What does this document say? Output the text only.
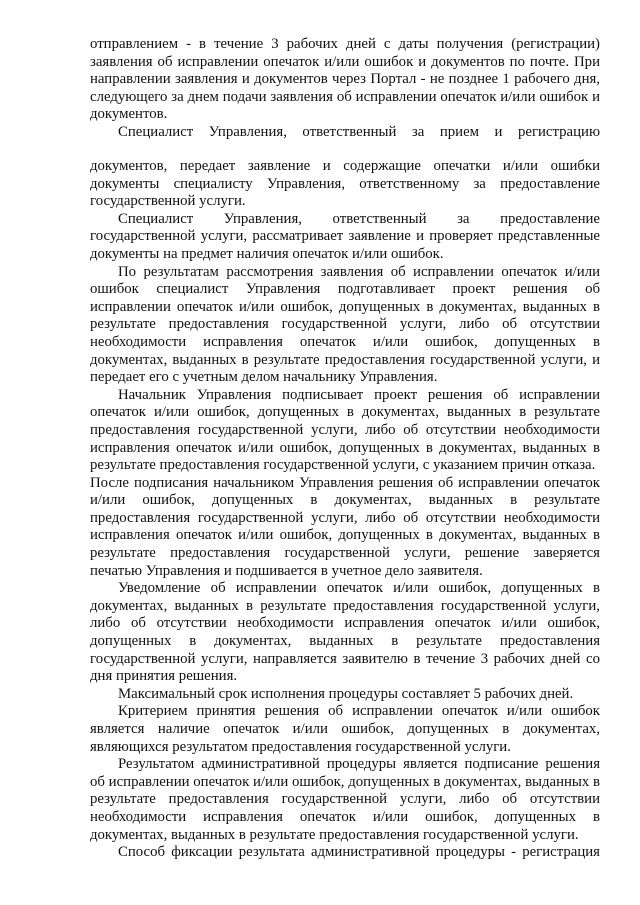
отправлением - в течение 3 рабочих дней с даты получения (регистрации) заявления об исправлении опечаток и/или ошибок и документов по почте. При направлении заявления и документов через Портал - не позднее 1 рабочего дня, следующего за днем подачи заявления об исправлении опечаток и/или ошибок и документов.

Специалист Управления, ответственный за прием и регистрацию

документов, передает заявление и содержащие опечатки и/или ошибки документы специалисту Управления, ответственному за предоставление государственной услуги.

Специалист Управления, ответственный за предоставление государственной услуги, рассматривает заявление и проверяет представленные документы на предмет наличия опечаток и/или ошибок.

По результатам рассмотрения заявления об исправлении опечаток и/или ошибок специалист Управления подготавливает проект решения об исправлении опечаток и/или ошибок, допущенных в документах, выданных в результате предоставления государственной услуги, либо об отсутствии необходимости исправления опечаток и/или ошибок, допущенных в документах, выданных в результате предоставления государственной услуги, и передает его с учетным делом начальнику Управления.

Начальник Управления подписывает проект решения об исправлении опечаток и/или ошибок, допущенных в документах, выданных в результате предоставления государственной услуги, либо об отсутствии необходимости исправления опечаток и/или ошибок, допущенных в документах, выданных в результате предоставления государственной услуги, с указанием причин отказа.

После подписания начальником Управления решения об исправлении опечаток и/или ошибок, допущенных в документах, выданных в результате предоставления государственной услуги, либо об отсутствии необходимости исправления опечаток и/или ошибок, допущенных в документах, выданных в результате предоставления государственной услуги, решение заверяется печатью Управления и подшивается в учетное дело заявителя.

Уведомление об исправлении опечаток и/или ошибок, допущенных в документах, выданных в результате предоставления государственной услуги, либо об отсутствии необходимости исправления опечаток и/или ошибок, допущенных в документах, выданных в результате предоставления государственной услуги, направляется заявителю в течение 3 рабочих дней со дня принятия решения.

Максимальный срок исполнения процедуры составляет 5 рабочих дней.

Критерием принятия решения об исправлении опечаток и/или ошибок является наличие опечаток и/или ошибок, допущенных в документах, являющихся результатом предоставления государственной услуги.

Результатом административной процедуры является подписание решения об исправлении опечаток и/или ошибок, допущенных в документах, выданных в результате предоставления государственной услуги, либо об отсутствии необходимости исправления опечаток и/или ошибок, допущенных в документах, выданных в результате предоставления государственной услуги.

Способ фиксации результата административной процедуры - регистрация
